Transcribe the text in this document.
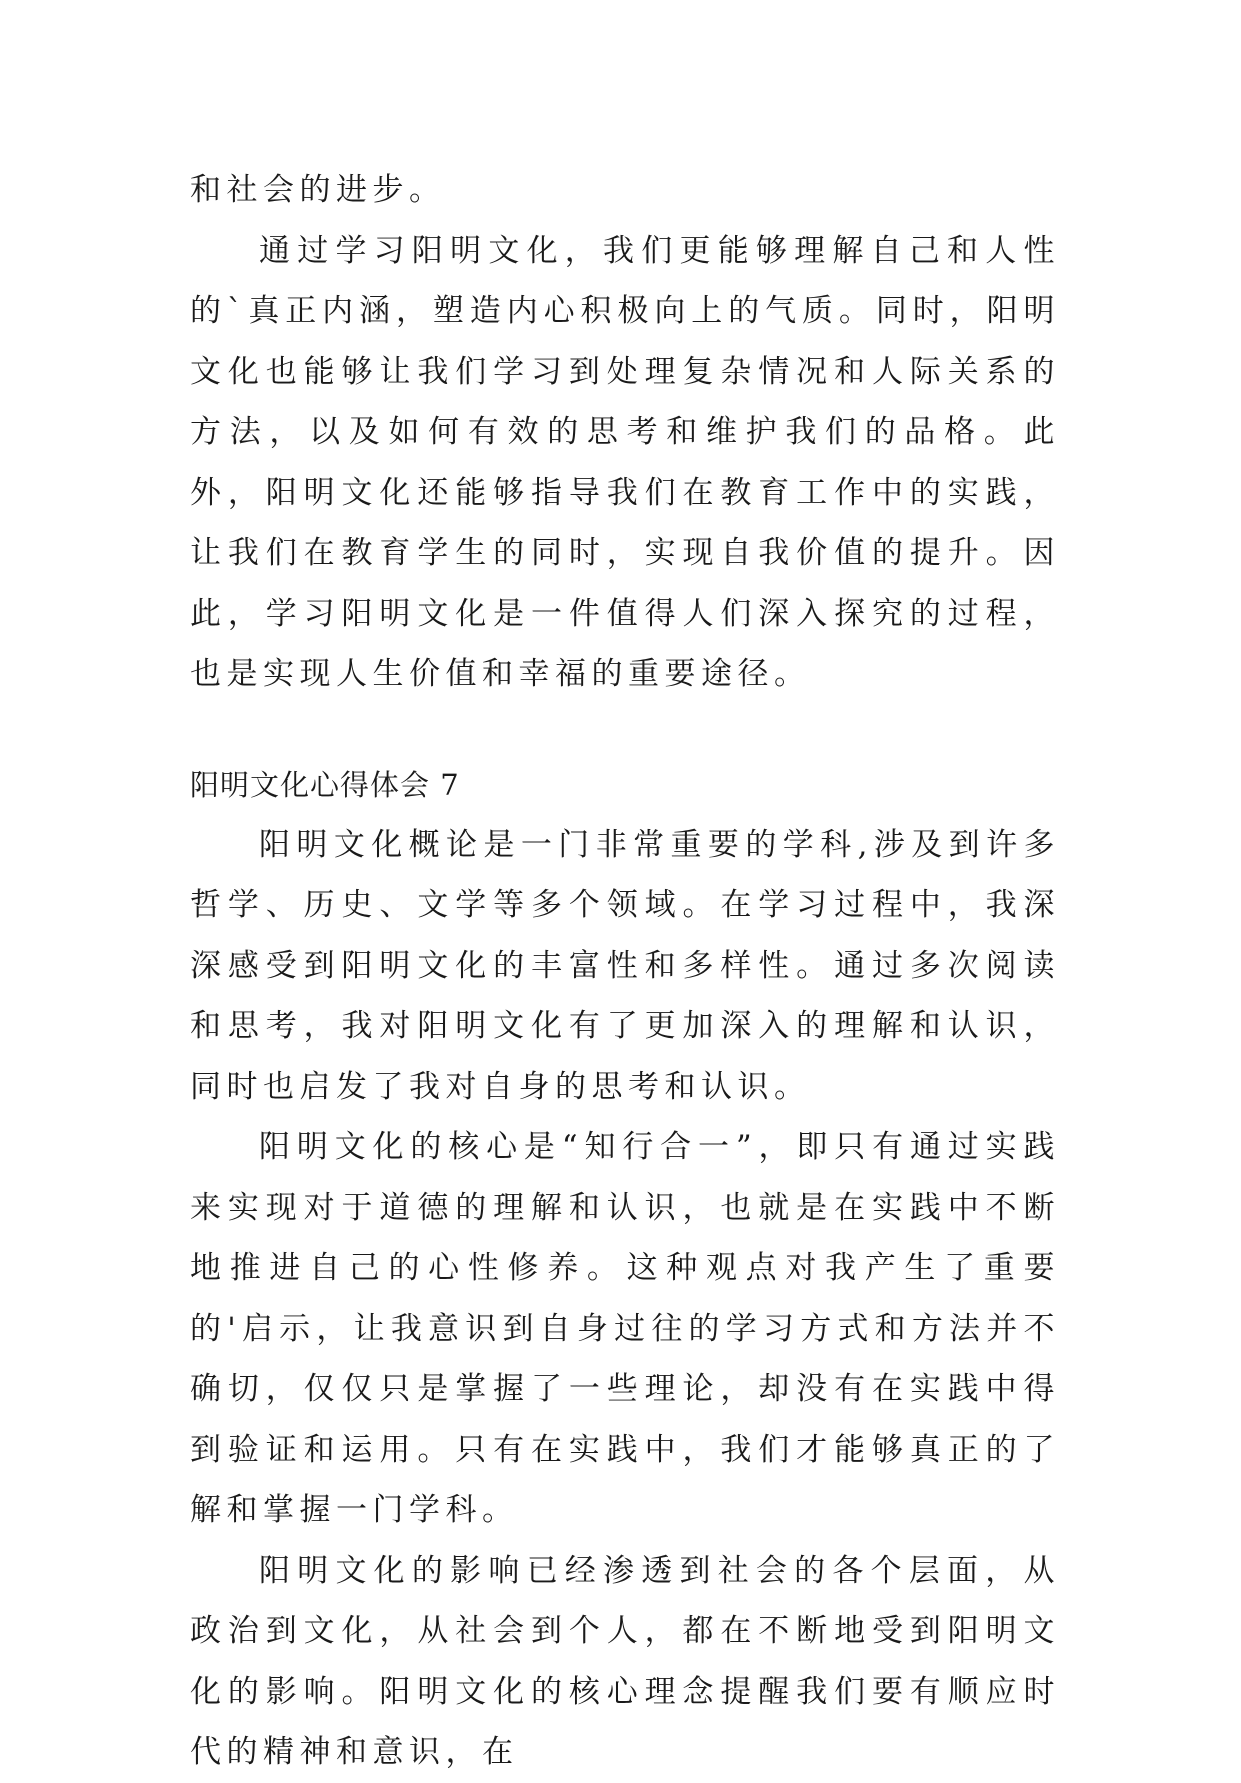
和社会的进步。

通过学习阳明文化，我们更能够理解自己和人性的`真正内涵，塑造内心积极向上的气质。同时，阳明文化也能够让我们学习到处理复杂情况和人际关系的方法，以及如何有效的思考和维护我们的品格。此外，阳明文化还能够指导我们在教育工作中的实践，让我们在教育学生的同时，实现自我价值的提升。因此，学习阳明文化是一件值得人们深入探究的过程，也是实现人生价值和幸福的重要途径。

阳明文化心得体会 7

阳明文化概论是一门非常重要的学科,涉及到许多哲学、历史、文学等多个领域。在学习过程中，我深深感受到阳明文化的丰富性和多样性。通过多次阅读和思考，我对阳明文化有了更加深入的理解和认识，同时也启发了我对自身的思考和认识。

阳明文化的核心是“知行合一”，即只有通过实践来实现对于道德的理解和认识，也就是在实践中不断地推进自己的心性修养。这种观点对我产生了重要的'启示，让我意识到自身过往的学习方式和方法并不确切，仅仅只是掌握了一些理论，却没有在实践中得到验证和运用。只有在实践中，我们才能够真正的了解和掌握一门学科。

阳明文化的影响已经渗透到社会的各个层面，从政治到文化，从社会到个人，都在不断地受到阳明文化的影响。阳明文化的核心理念提醒我们要有顺应时代的精神和意识，在
